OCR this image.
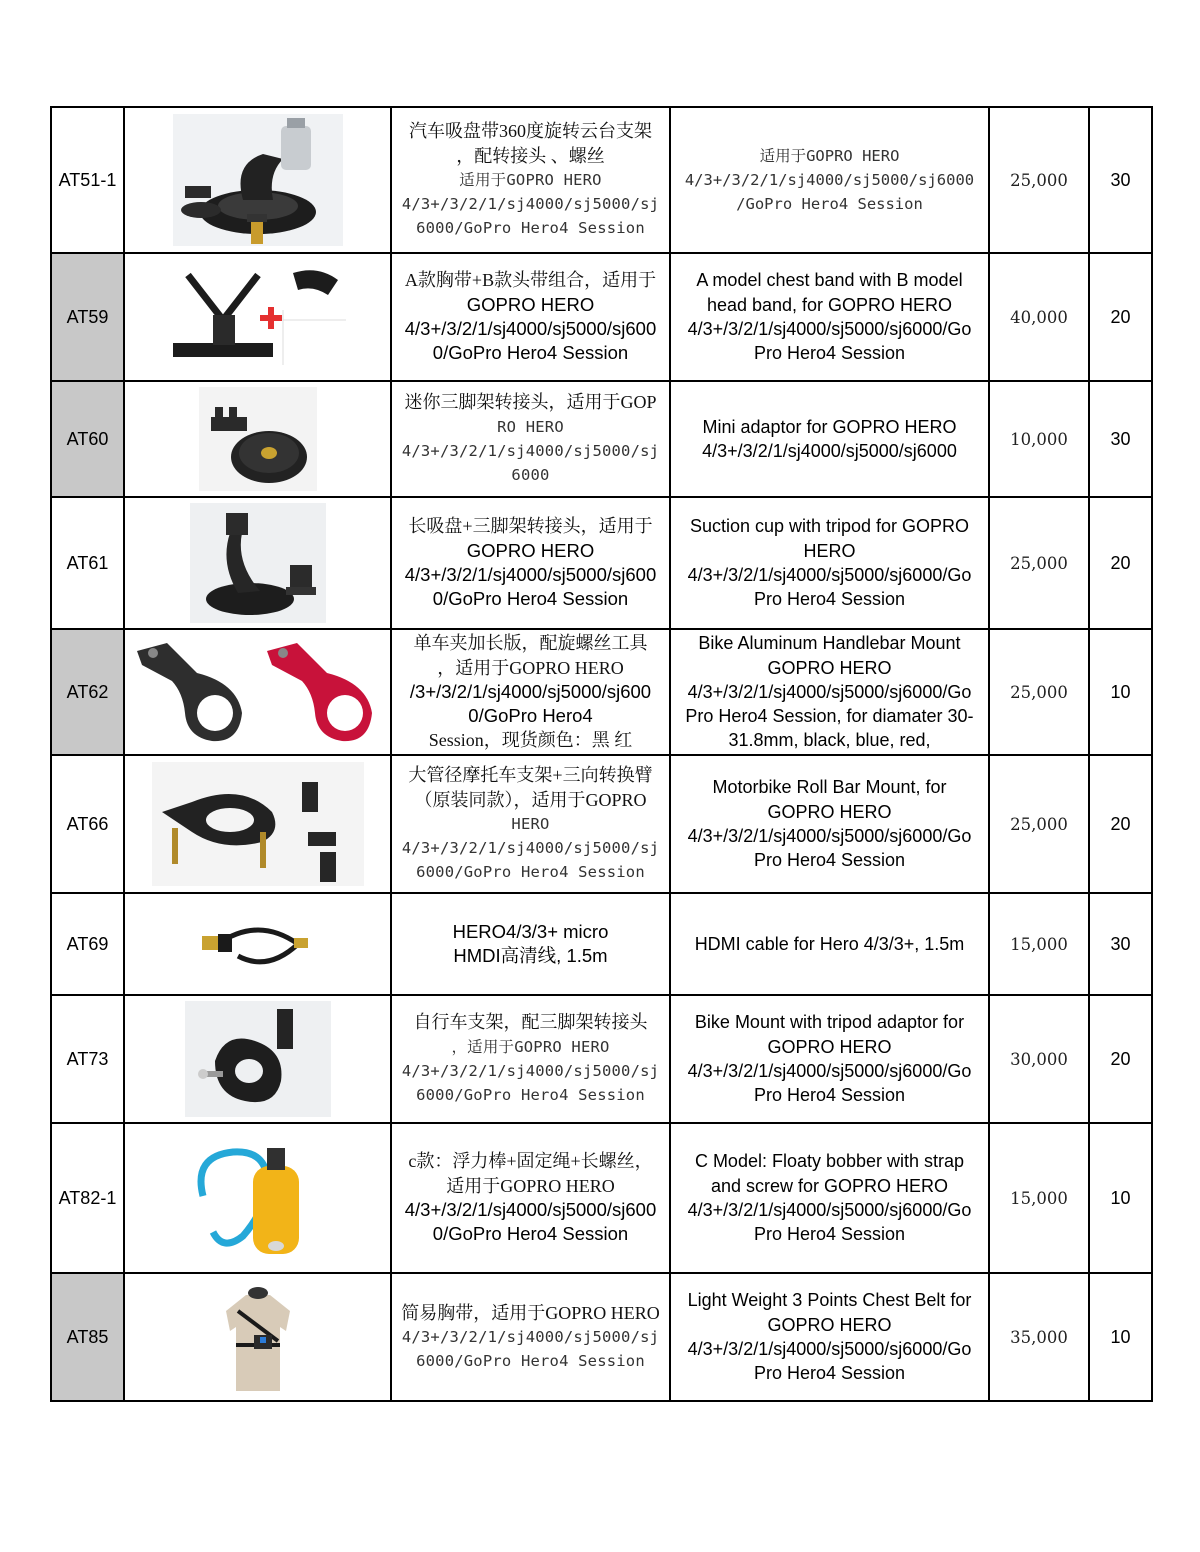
AT51-1		汽车吸盘带360度旋转云台支架
，配转接头 、螺丝
适用于GOPRO HERO
4/3+/3/2/1/sj4000/sj5000/sj
6000/GoPro Hero4 Session	适用于GOPRO HERO
4/3+/3/2/1/sj4000/sj5000/sj6000
/GoPro Hero4 Session	25,000	30
AT59		A款胸带+B款头带组合，适用于
GOPRO HERO
4/3+/3/2/1/sj4000/sj5000/sj600
0/GoPro Hero4 Session	A model chest band with B model
head band, for GOPRO HERO
4/3+/3/2/1/sj4000/sj5000/sj6000/Go
Pro Hero4 Session	40,000	20
AT60		迷你三脚架转接头，适用于GOP
RO HERO
4/3+/3/2/1/sj4000/sj5000/sj
6000	Mini adaptor for GOPRO HERO
4/3+/3/2/1/sj4000/sj5000/sj6000	10,000	30
AT61		长吸盘+三脚架转接头，适用于
GOPRO HERO
4/3+/3/2/1/sj4000/sj5000/sj600
0/GoPro Hero4 Session	Suction cup with tripod for GOPRO
HERO
4/3+/3/2/1/sj4000/sj5000/sj6000/Go
Pro Hero4 Session	25,000	20
AT62		单车夹加长版，配旋螺丝工具
，适用于GOPRO HERO
/3+/3/2/1/sj4000/sj5000/sj600
0/GoPro Hero4
Session，现货颜色：黑 红	Bike Aluminum Handlebar Mount
GOPRO HERO
4/3+/3/2/1/sj4000/sj5000/sj6000/Go
Pro Hero4 Session, for diamater 30-
31.8mm, black, blue, red,	25,000	10
AT66		大管径摩托车支架+三向转换臂
（原装同款），适用于GOPRO
HERO
4/3+/3/2/1/sj4000/sj5000/sj
6000/GoPro Hero4 Session	Motorbike Roll Bar Mount, for
GOPRO HERO
4/3+/3/2/1/sj4000/sj5000/sj6000/Go
Pro Hero4 Session	25,000	20
AT69		HERO4/3/3+ micro
HMDI高清线, 1.5m	HDMI cable for Hero 4/3/3+, 1.5m	15,000	30
AT73		自行车支架，配三脚架转接头
，适用于GOPRO HERO
4/3+/3/2/1/sj4000/sj5000/sj
6000/GoPro Hero4 Session	Bike Mount with tripod adaptor for
GOPRO HERO
4/3+/3/2/1/sj4000/sj5000/sj6000/Go
Pro Hero4 Session	30,000	20
AT82-1		c款：浮力棒+固定绳+长螺丝，
适用于GOPRO HERO
4/3+/3/2/1/sj4000/sj5000/sj600
0/GoPro Hero4 Session	C Model: Floaty bobber with strap
and screw for GOPRO HERO
4/3+/3/2/1/sj4000/sj5000/sj6000/Go
Pro Hero4 Session	15,000	10
AT85		简易胸带，适用于GOPRO HERO
4/3+/3/2/1/sj4000/sj5000/sj
6000/GoPro Hero4 Session	Light Weight 3 Points Chest Belt for
GOPRO HERO
4/3+/3/2/1/sj4000/sj5000/sj6000/Go
Pro Hero4 Session	35,000	10
